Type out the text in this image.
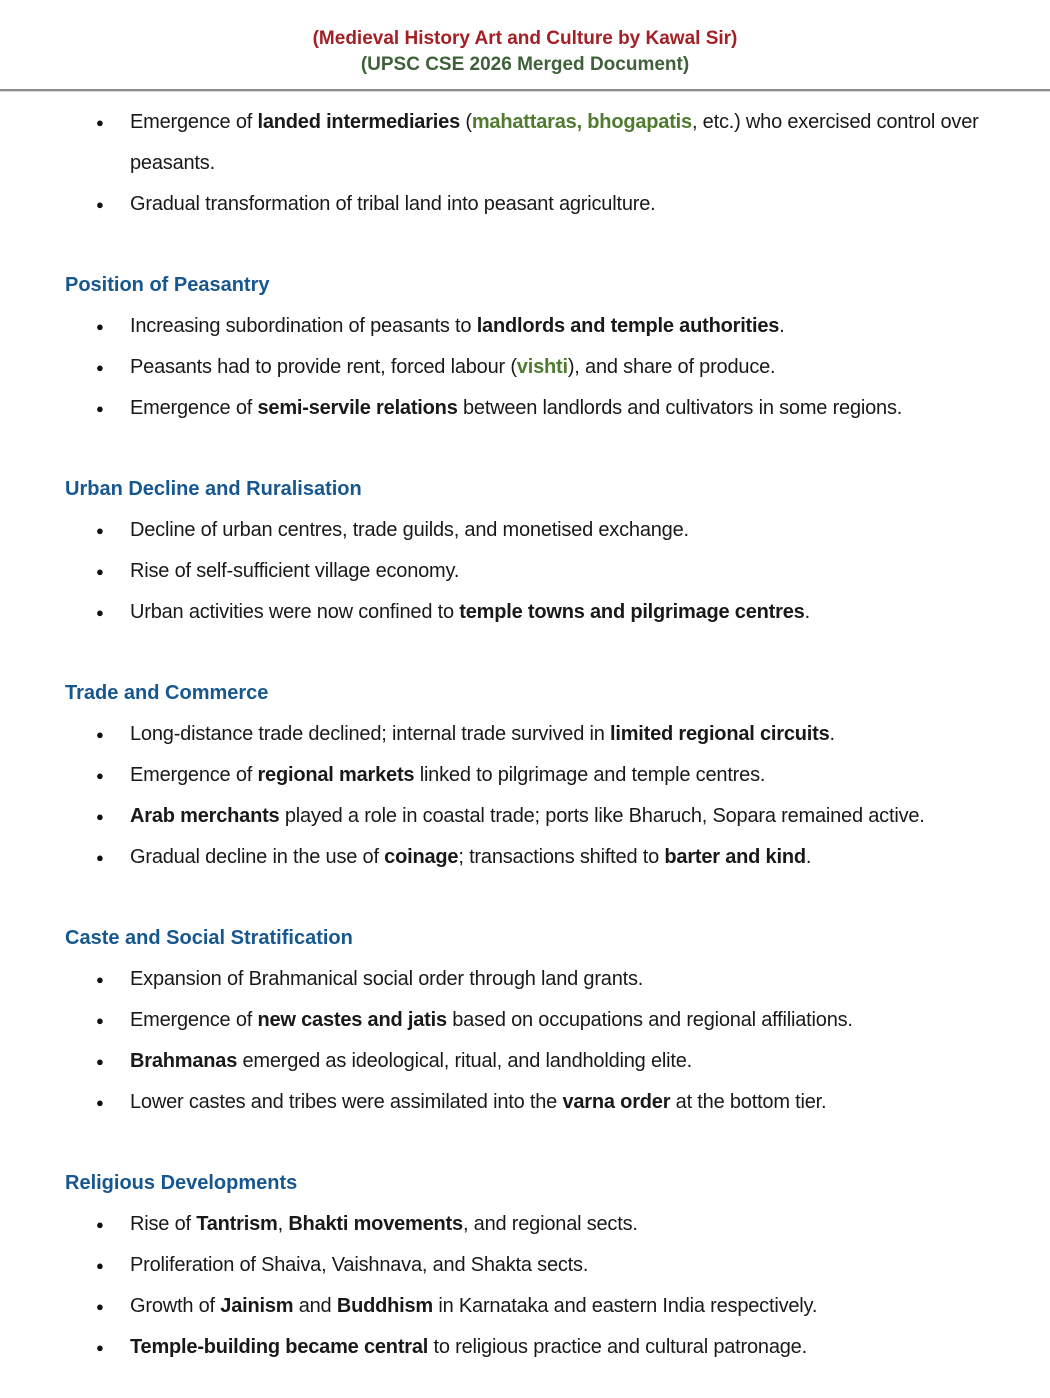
(Medieval History Art and Culture by Kawal Sir)
(UPSC CSE 2026 Merged Document)
● Emergence of landed intermediaries (mahattaras, bhogapatis, etc.) who exercised control over peasants.
● Gradual transformation of tribal land into peasant agriculture.
Position of Peasantry
● Increasing subordination of peasants to landlords and temple authorities.
● Peasants had to provide rent, forced labour (vishti), and share of produce.
● Emergence of semi-servile relations between landlords and cultivators in some regions.
Urban Decline and Ruralisation
● Decline of urban centres, trade guilds, and monetised exchange.
● Rise of self-sufficient village economy.
● Urban activities were now confined to temple towns and pilgrimage centres.
Trade and Commerce
● Long-distance trade declined; internal trade survived in limited regional circuits.
● Emergence of regional markets linked to pilgrimage and temple centres.
● Arab merchants played a role in coastal trade; ports like Bharuch, Sopara remained active.
● Gradual decline in the use of coinage; transactions shifted to barter and kind.
Caste and Social Stratification
● Expansion of Brahmanical social order through land grants.
● Emergence of new castes and jatis based on occupations and regional affiliations.
● Brahmanas emerged as ideological, ritual, and landholding elite.
● Lower castes and tribes were assimilated into the varna order at the bottom tier.
Religious Developments
● Rise of Tantrism, Bhakti movements, and regional sects.
● Proliferation of Shaiva, Vaishnava, and Shakta sects.
● Growth of Jainism and Buddhism in Karnataka and eastern India respectively.
● Temple-building became central to religious practice and cultural patronage.
